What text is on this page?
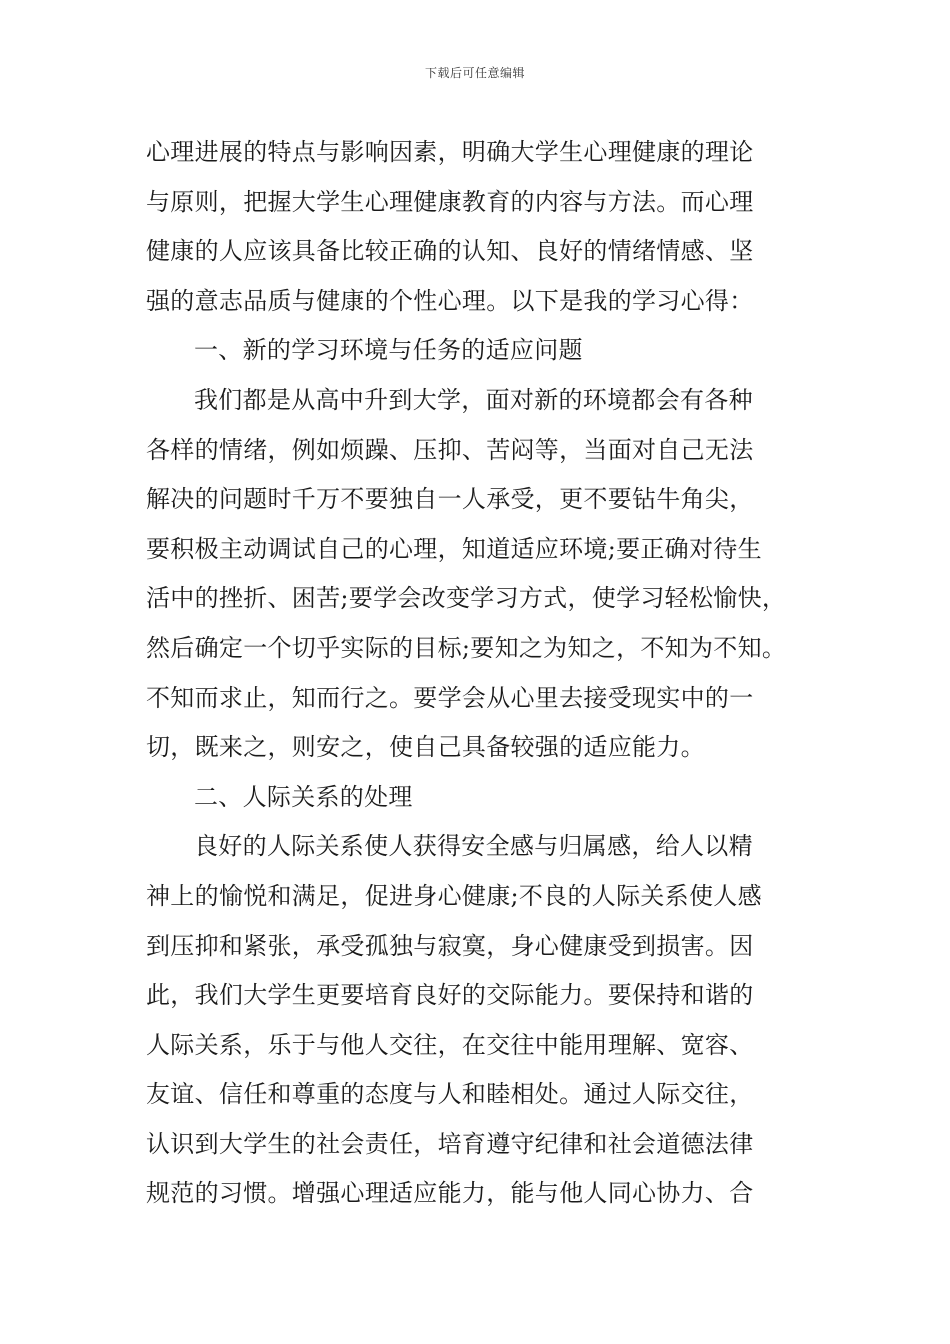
下载后可任意编辑
心理进展的特点与影响因素，明确大学生心理健康的理论
与原则，把握大学生心理健康教育的内容与方法。而心理
健康的人应该具备比较正确的认知、良好的情绪情感、坚
强的意志品质与健康的个性心理。以下是我的学习心得：
一、新的学习环境与任务的适应问题
我们都是从高中升到大学，面对新的环境都会有各种
各样的情绪，例如烦躁、压抑、苦闷等，当面对自己无法
解决的问题时千万不要独自一人承受，更不要钻牛角尖，
要积极主动调试自己的心理，知道适应环境;要正确对待生
活中的挫折、困苦;要学会改变学习方式，使学习轻松愉快，
然后确定一个切乎实际的目标;要知之为知之，不知为不知。
不知而求止，知而行之。要学会从心里去接受现实中的一
切，既来之，则安之，使自己具备较强的适应能力。
二、人际关系的处理
良好的人际关系使人获得安全感与归属感，给人以精
神上的愉悦和满足，促进身心健康;不良的人际关系使人感
到压抑和紧张，承受孤独与寂寞，身心健康受到损害。因
此，我们大学生更要培育良好的交际能力。要保持和谐的
人际关系，乐于与他人交往，在交往中能用理解、宽容、
友谊、信任和尊重的态度与人和睦相处。通过人际交往，
认识到大学生的社会责任，培育遵守纪律和社会道德法律
规范的习惯。增强心理适应能力，能与他人同心协力、合
